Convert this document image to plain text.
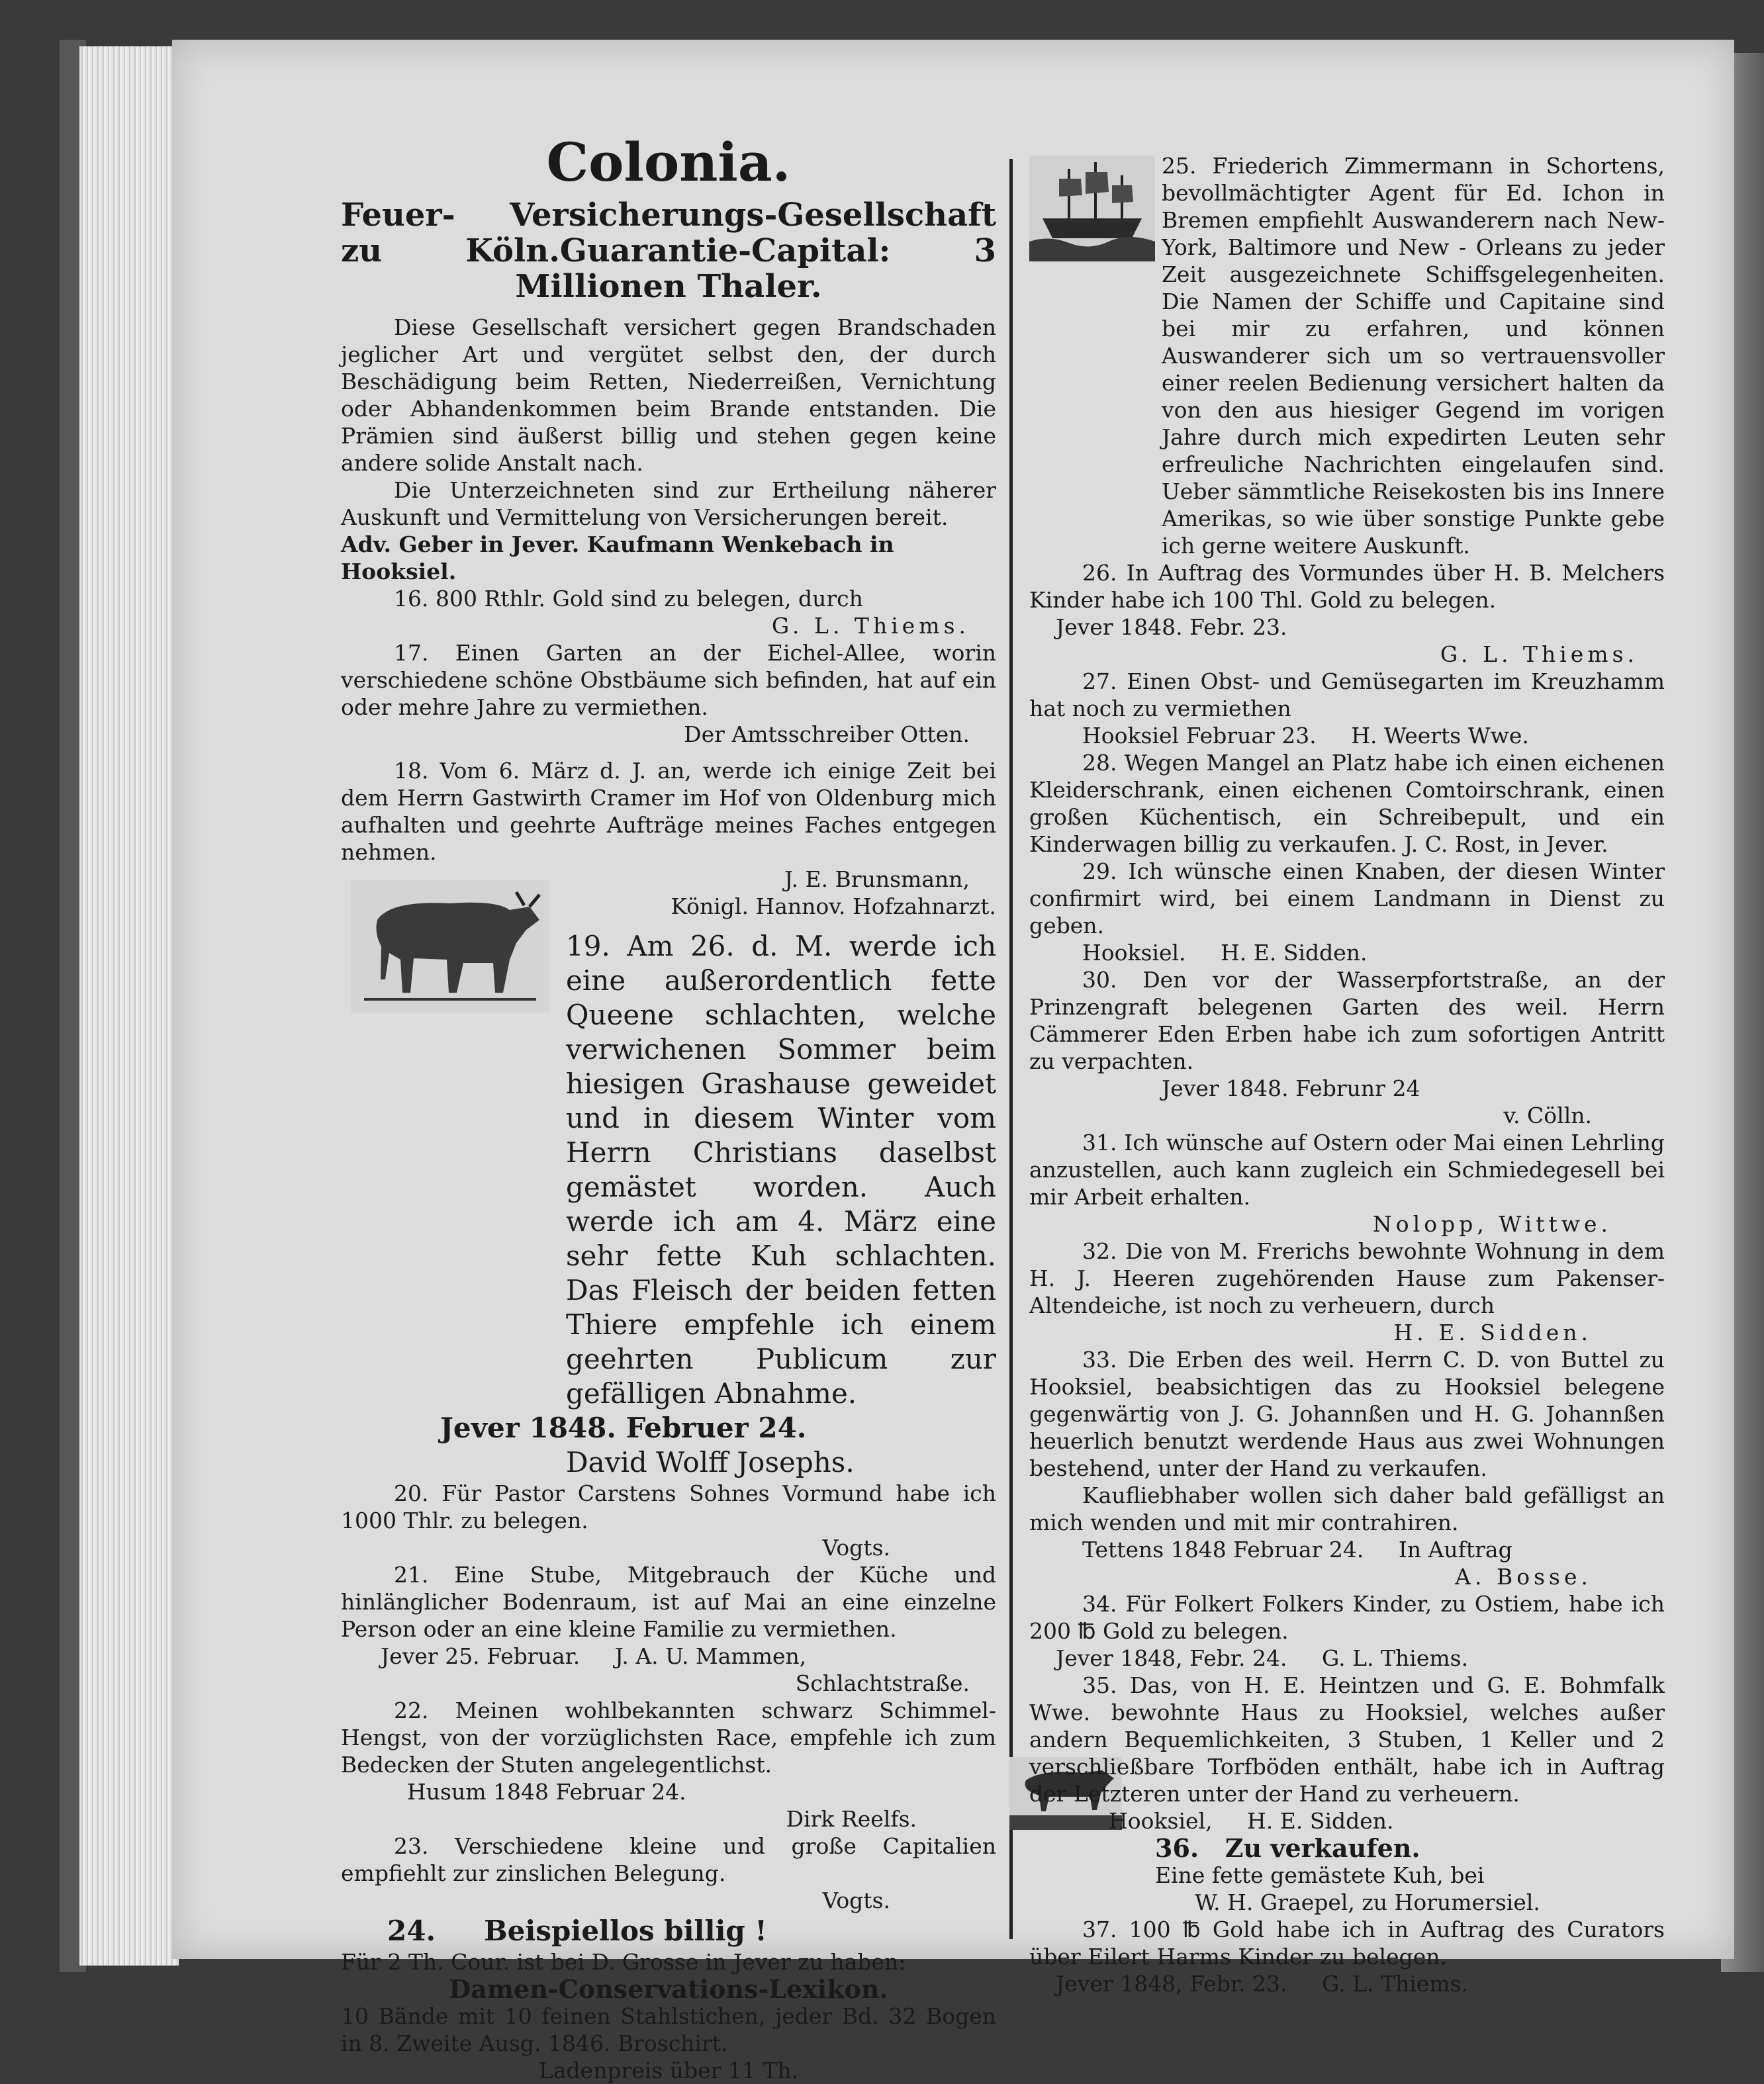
Colonia.
Feuer- Versicherungs-Gesellschaft zu Köln.Guarantie-Capital: 3 Millionen Thaler.
Diese Gesellschaft versichert gegen Brandschaden jeglicher Art und vergütet selbst den, der durch Beschädigung beim Retten, Niederreißen, Vernichtung oder Abhandenkommen beim Brande entstanden. Die Prämien sind äußerst billig und stehen gegen keine andere solide Anstalt nach.
Die Unterzeichneten sind zur Ertheilung näherer Auskunft und Vermittelung von Versicherungen bereit.
Adv. Geber in Jever. Kaufmann Wenkebach in Hooksiel.
16. 800 Rthlr. Gold sind zu belegen, durch
G. L. Thiems.
17. Einen Garten an der Eichel-Allee, worin verschiedene schöne Obstbäume sich befinden, hat auf ein oder mehre Jahre zu vermiethen.
Der Amtsschreiber Otten.
18. Vom 6. März d. J. an, werde ich einige Zeit bei dem Herrn Gastwirth Cramer im Hof von Oldenburg mich aufhalten und geehrte Aufträge meines Faches entgegen nehmen.
J. E. Brunsmann,
Königl. Hannov. Hofzahnarzt.
19. Am 26. d. M. werde ich eine außerordentlich fette Queene schlachten, welche verwichenen Sommer beim hiesigen Grashause geweidet und in diesem Winter vom Herrn Christians daselbst gemästet worden. Auch werde ich am 4. März eine sehr fette Kuh schlachten. Das Fleisch der beiden fetten Thiere empfehle ich einem geehrten Publicum zur gefälligen Abnahme.
Jever 1848. Februer 24.
David Wolff Josephs.
20. Für Pastor Carstens Sohnes Vormund habe ich 1000 Thlr. zu belegen.
Vogts.
21. Eine Stube, Mitgebrauch der Küche und hinlänglicher Bodenraum, ist auf Mai an eine einzelne Person oder an eine kleine Familie zu vermiethen.
Jever 25. Februar.     J. A. U. Mammen,
Schlachtstraße.
22. Meinen wohlbekannten schwarz Schimmel-Hengst, von der vorzüglichsten Race, empfehle ich zum Bedecken der Stuten angelegentlichst.
Husum 1848 Februar 24.
Dirk Reelfs.
23. Verschiedene kleine und große Capitalien empfiehlt zur zinslichen Belegung.
Vogts.
24.     Beispiellos billig !
Für 2 Th. Cour. ist bei D. Grosse in Jever zu haben:
Damen-Conservations-Lexikon.
10 Bände mit 10 feinen Stahlstichen, jeder Bd. 32 Bogen in 8. Zweite Ausg. 1846. Broschirt.
Ladenpreis über 11 Th.
25. Friederich Zimmermann in Schortens, bevollmächtigter Agent für Ed. Ichon in Bremen empfiehlt Auswanderern nach New-York, Baltimore und New - Orleans zu jeder Zeit ausgezeichnete Schiffsgelegenheiten. Die Namen der Schiffe und Capitaine sind bei mir zu erfahren, und können Auswanderer sich um so vertrauensvoller einer reelen Bedienung versichert halten da von den aus hiesiger Gegend im vorigen Jahre durch mich expedirten Leuten sehr erfreuliche Nachrichten eingelaufen sind. Ueber sämmtliche Reisekosten bis ins Innere Amerikas, so wie über sonstige Punkte gebe ich gerne weitere Auskunft.
26. In Auftrag des Vormundes über H. B. Melchers Kinder habe ich 100 Thl. Gold zu belegen.
Jever 1848. Febr. 23.
G. L. Thiems.
27. Einen Obst- und Gemüsegarten im Kreuzhamm hat noch zu vermiethen
Hooksiel Februar 23.     H. Weerts Wwe.
28. Wegen Mangel an Platz habe ich einen eichenen Kleiderschrank, einen eichenen Comtoirschrank, einen großen Küchentisch, ein Schreibepult, und ein Kinderwagen billig zu verkaufen. J. C. Rost, in Jever.
29. Ich wünsche einen Knaben, der diesen Winter confirmirt wird, bei einem Landmann in Dienst zu geben.
Hooksiel.     H. E. Sidden.
30. Den vor der Wasserpfortstraße, an der Prinzengraft belegenen Garten des weil. Herrn Cämmerer Eden Erben habe ich zum sofortigen Antritt zu verpachten.
Jever 1848. Februnr 24
v. Cölln.
31. Ich wünsche auf Ostern oder Mai einen Lehrling anzustellen, auch kann zugleich ein Schmiedegesell bei mir Arbeit erhalten.
Nolopp, Wittwe.
32. Die von M. Frerichs bewohnte Wohnung in dem H. J. Heeren zugehörenden Hause zum Pakenser-Altendeiche, ist noch zu verheuern, durch
H. E. Sidden.
33. Die Erben des weil. Herrn C. D. von Buttel zu Hooksiel, beabsichtigen das zu Hooksiel belegene gegenwärtig von J. G. Johannßen und H. G. Johannßen heuerlich benutzt werdende Haus aus zwei Wohnungen bestehend, unter der Hand zu verkaufen.
Kaufliebhaber wollen sich daher bald gefälligst an mich wenden und mit mir contrahiren.
Tettens 1848 Februar 24.     In Auftrag
A. Bosse.
34. Für Folkert Folkers Kinder, zu Ostiem, habe ich 200 ℔ Gold zu belegen.
Jever 1848, Febr. 24.     G. L. Thiems.
35. Das, von H. E. Heintzen und G. E. Bohmfalk Wwe. bewohnte Haus zu Hooksiel, welches außer andern Bequemlichkeiten, 3 Stuben, 1 Keller und 2 verschließbare Torfböden enthält, habe ich in Auftrag der Letzteren unter der Hand zu verheuern.
Hooksiel,     H. E. Sidden.
36.   Zu verkaufen.
Eine fette gemästete Kuh, bei
W. H. Graepel, zu Horumersiel.
37. 100 ℔ Gold habe ich in Auftrag des Curators über Eilert Harms Kinder zu belegen.
Jever 1848, Febr. 23.     G. L. Thiems.
